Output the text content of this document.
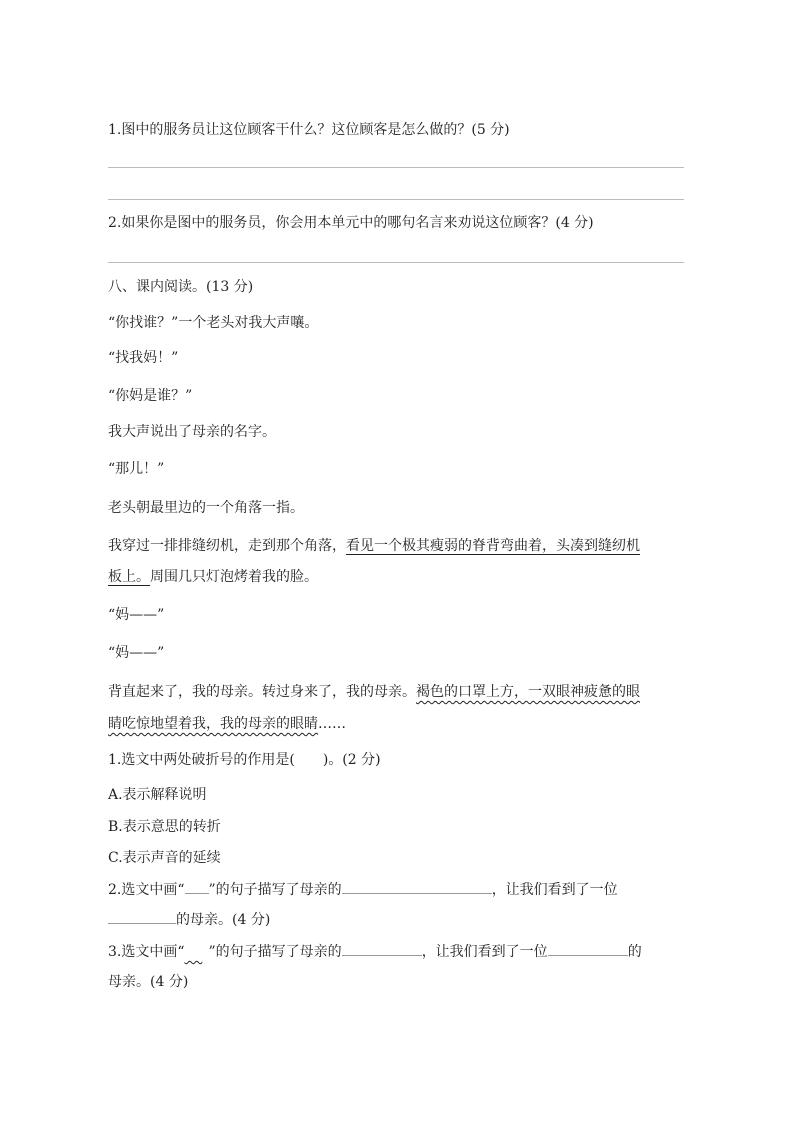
1.图中的服务员让这位顾客干什么？这位顾客是怎么做的？(5 分)
2.如果你是图中的服务员，你会用本单元中的哪句名言来劝说这位顾客？(4 分)
八、课内阅读。(13 分)
“你找谁？”一个老头对我大声嚷。
“找我妈！”
“你妈是谁？”
我大声说出了母亲的名字。
“那儿！”
老头朝最里边的一个角落一指。
我穿过一排排缝纫机，走到那个角落，看见一个极其瘦弱的脊背弯曲着，头凑到缝纫机
板上。周围几只灯泡烤着我的脸。
“妈——”
“妈——”
背直起来了，我的母亲。转过身来了，我的母亲。褐色的口罩上方，一双眼神疲惫的眼
睛吃惊地望着我，我的母亲的眼睛……
1.选文中两处破折号的作用是(　　)。(2 分)
A.表示解释说明
B.表示意思的转折
C.表示声音的延续
2.选文中画“ ”的句子描写了母亲的	，让我们看到了一位
的母亲。(4 分)
3.选文中画“ ”的句子描写了母亲的	，让我们看到了一位	的
母亲。(4 分)
